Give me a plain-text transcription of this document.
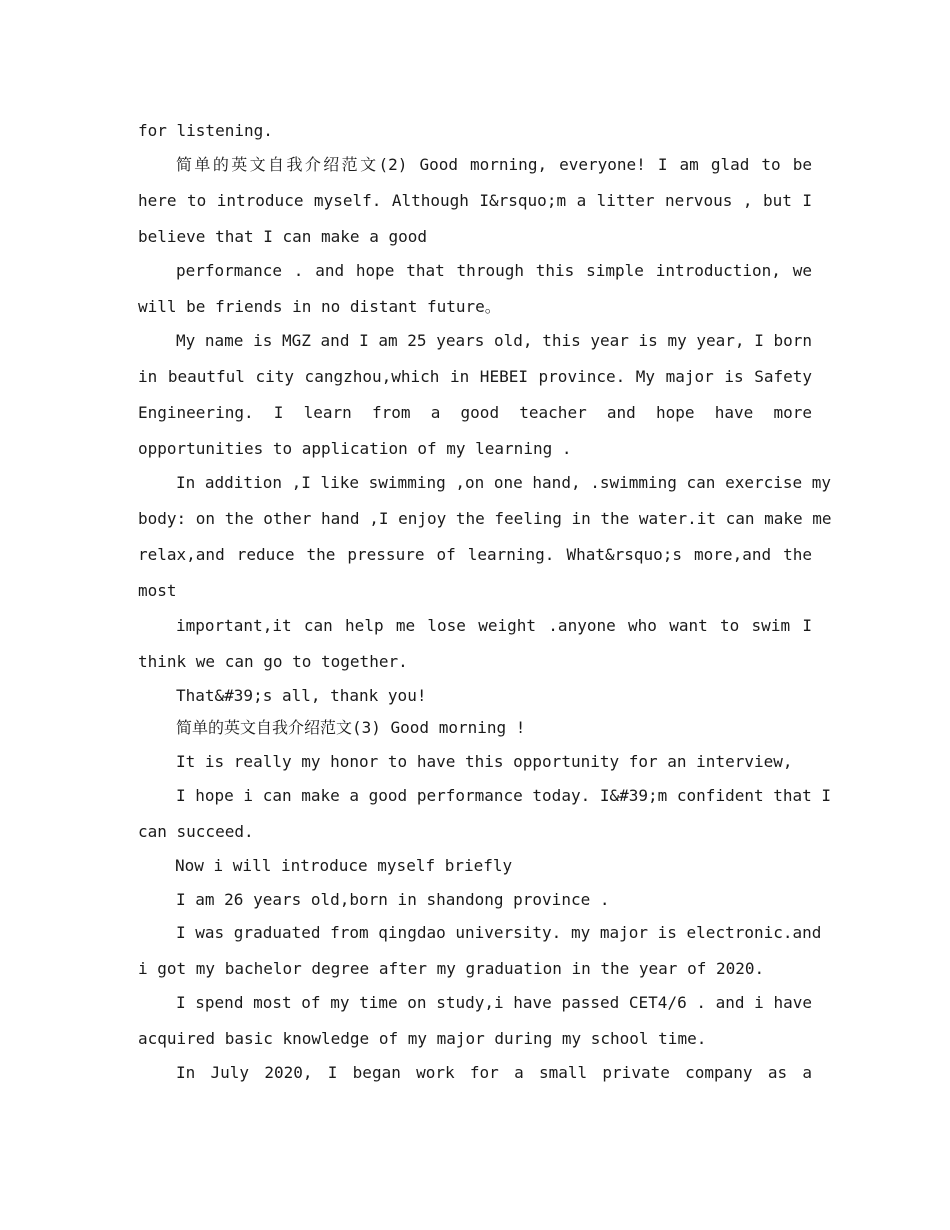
for listening.
简单的英文自我介绍范文(2) Good morning, everyone! I am glad to be
here to introduce myself. Although I&rsquo;m a litter nervous , but I
believe that I can make a good
performance . and hope that through this simple introduction, we
will be friends in no distant future。
My name is MGZ and I am 25 years old, this year is my year, I born
in beautful city cangzhou,which in HEBEI province. My major is Safety
Engineering. I learn from a good teacher and hope have more
opportunities to application of my learning .
In addition ,I like swimming ,on one hand, .swimming can exercise my
body: on the other hand ,I enjoy the feeling in the water.it can make me
relax,and reduce the pressure of learning. What&rsquo;s more,and the
most
important,it can help me lose weight .anyone who want to swim I
think we can go to together.
That&#39;s all, thank you!
简单的英文自我介绍范文(3) Good morning !
It is really my honor to have this opportunity for an interview,
I hope i can make a good performance today. I&#39;m confident that I
can succeed.
Now i will introduce myself briefly
I am 26 years old,born in shandong province .
I was graduated from qingdao university. my major is electronic.and
i got my bachelor degree after my graduation in the year of 2020.
I spend most of my time on study,i have passed CET4/6 . and i have
acquired basic knowledge of my major during my school time.
In July 2020, I began work for a small private company as a
